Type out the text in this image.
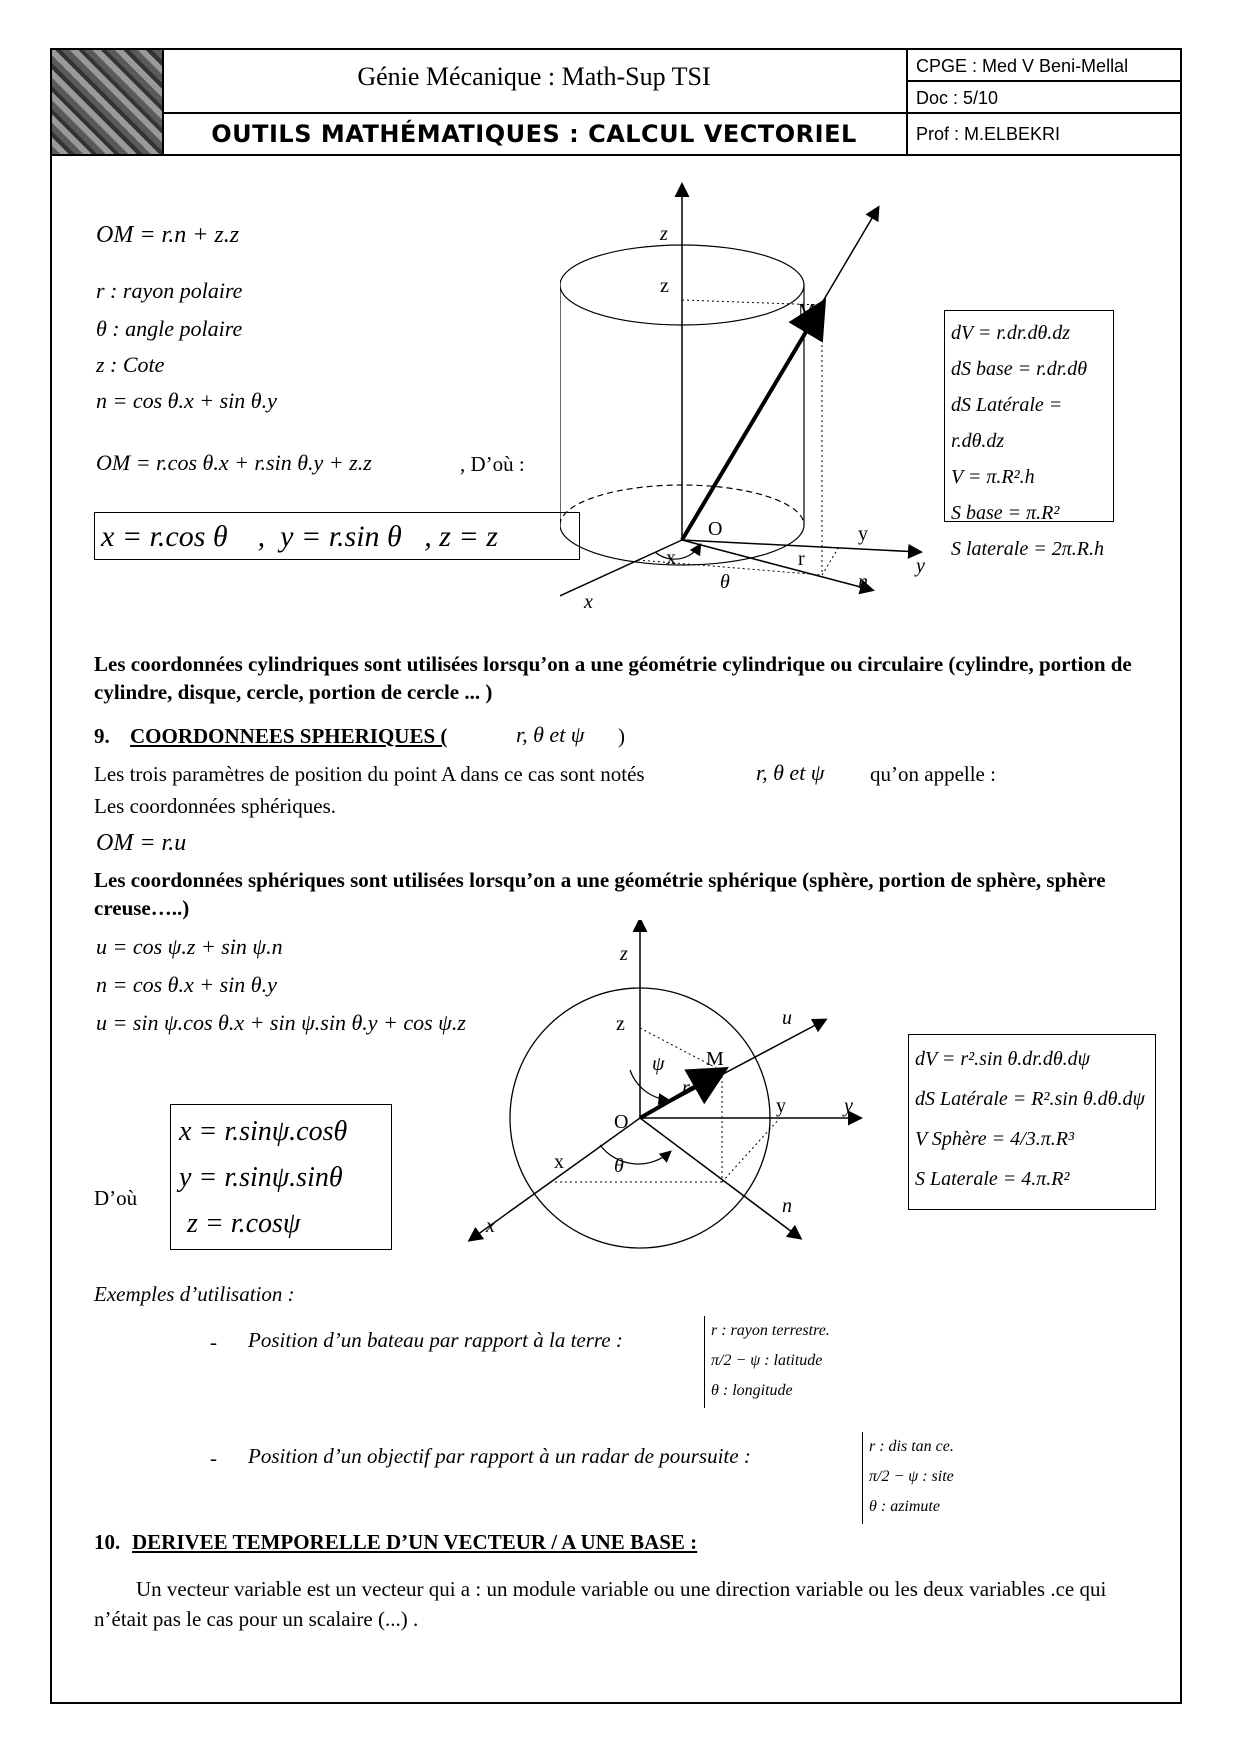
Génie Mécanique : Math-Sup TSI
OUTILS MATHÉMATIQUES : CALCUL VECTORIEL
CPGE : Med V Beni-Mellal
Doc : 5/10
Prof : M.ELBEKRI
OM = r.n + z.z
r : rayon polaire
θ : angle polaire
z : Cote
n = cos θ.x + sin θ.y
OM = r.cos θ.x + r.sin θ.y + z.z	, D’où :
x = r.cos θ    ,  y = r.sin θ   , z = z
z
z
M
O
x
y
r
θ
x
y
n
dV = r.dr.dθ.dz
dS base = r.dr.dθ
dS Latérale = r.dθ.dz
V = π.R².h
S base = π.R²
S laterale = 2π.R.h
Les coordonnées cylindriques sont utilisées lorsqu’on a une géométrie cylindrique ou circulaire (cylindre, portion de cylindre, disque, cercle, portion de cercle ... )
9. COORDONNEES SPHERIQUES (	r, θ et ψ )
Les trois paramètres de position du point A dans ce cas sont notés	r, θ et ψ qu’on appelle :
Les coordonnées sphériques.
OM = r.u
Les coordonnées sphériques sont utilisées lorsqu’on a une géométrie sphérique (sphère, portion de sphère, sphère creuse…..)
u = cos ψ.z + sin ψ.n
n = cos θ.x + sin θ.y
u = sin ψ.cos θ.x + sin ψ.sin θ.y + cos ψ.z
D’où
x = r.sinψ.cosθ
y = r.sinψ.sinθ
z = r.cosψ
z
z	u
M
ψ
r
O
y	y
x	θ
x
n
dV = r².sin θ.dr.dθ.dψ
dS Latérale = R².sin θ.dθ.dψ
V Sphère = 4/3.π.R³
S Laterale = 4.π.R²
Exemples d’utilisation :
- Position d’un bateau par rapport à la terre :	r : rayon terrestre.
π/2 − ψ : latitude
θ : longitude
- Position d’un objectif par rapport à un radar de poursuite :	r : dis tan ce.
π/2 − ψ : site
θ : azimute
10. DERIVEE TEMPORELLE D’UN VECTEUR / A UNE BASE :
Un vecteur variable est un vecteur qui a : un module variable ou une direction variable ou les deux variables .ce qui n’était pas le cas pour un scalaire (...) .
